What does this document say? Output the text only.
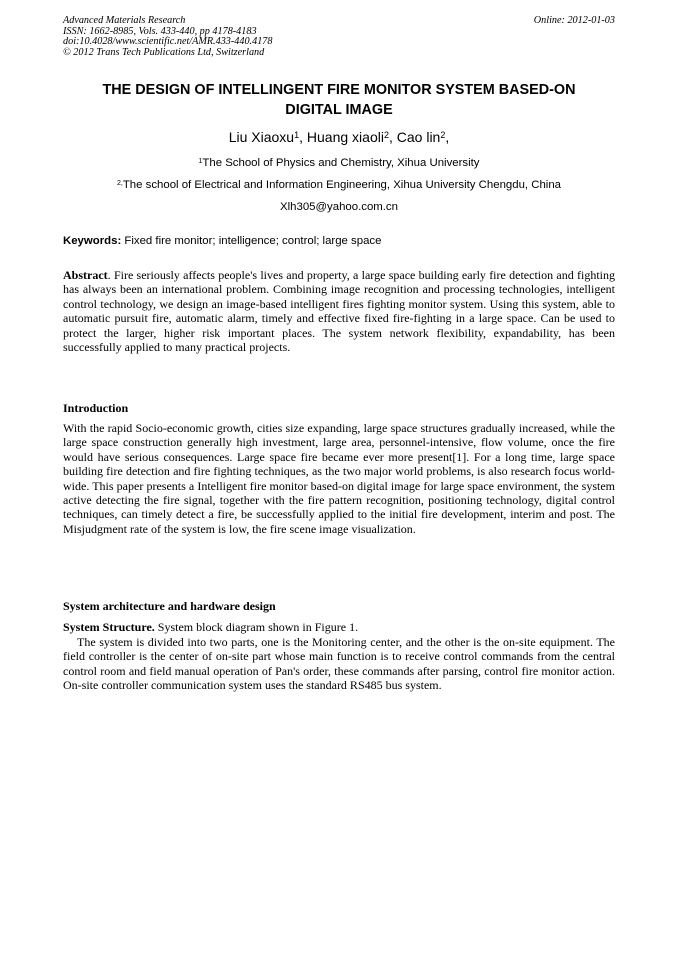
Advanced Materials Research
ISSN: 1662-8985, Vols. 433-440, pp 4178-4183
doi:10.4028/www.scientific.net/AMR.433-440.4178
© 2012 Trans Tech Publications Ltd, Switzerland
Online: 2012-01-03
THE DESIGN OF INTELLINGENT FIRE MONITOR SYSTEM BASED-ON
DIGITAL IMAGE
Liu Xiaoxu$^1$, Huang xiaoli$^2$, Cao lin$^2$,
$^1$The School of Physics and Chemistry, Xihua University
$^{2,}$The school of Electrical and Information Engineering, Xihua University Chengdu, China
Xlh305@yahoo.com.cn
Keywords: Fixed fire monitor; intelligence; control; large space
Abstract. Fire seriously affects people's lives and property, a large space building early fire detection and fighting has always been an international problem. Combining image recognition and processing technologies, intelligent control technology, we design an image-based intelligent fires fighting monitor system. Using this system, able to automatic pursuit fire, automatic alarm, timely and effective fixed fire-fighting in a large space. Can be used to protect the larger, higher risk important places. The system network flexibility, expandability, has been successfully applied to many practical projects.
Introduction
With the rapid Socio-economic growth, cities size expanding, large space structures gradually increased, while the large space construction generally high investment, large area, personnel-intensive, flow volume, once the fire would have serious consequences. Large space fire became ever more present[1]. For a long time, large space building fire detection and fire fighting techniques, as the two major world problems, is also research focus world-wide. This paper presents a Intelligent fire monitor based-on digital image for large space environment, the system active detecting the fire signal, together with the fire pattern recognition, positioning technology, digital control techniques, can timely detect a fire, be successfully applied to the initial fire development, interim and post. The Misjudgment rate of the system is low, the fire scene image visualization.
System architecture and hardware design
System Structure. System block diagram shown in Figure 1.
The system is divided into two parts, one is the Monitoring center, and the other is the on-site equipment. The field controller is the center of on-site part whose main function is to receive control commands from the central control room and field manual operation of Pan's order, these commands after parsing, control fire monitor action. On-site controller communication system uses the standard RS485 bus system.
